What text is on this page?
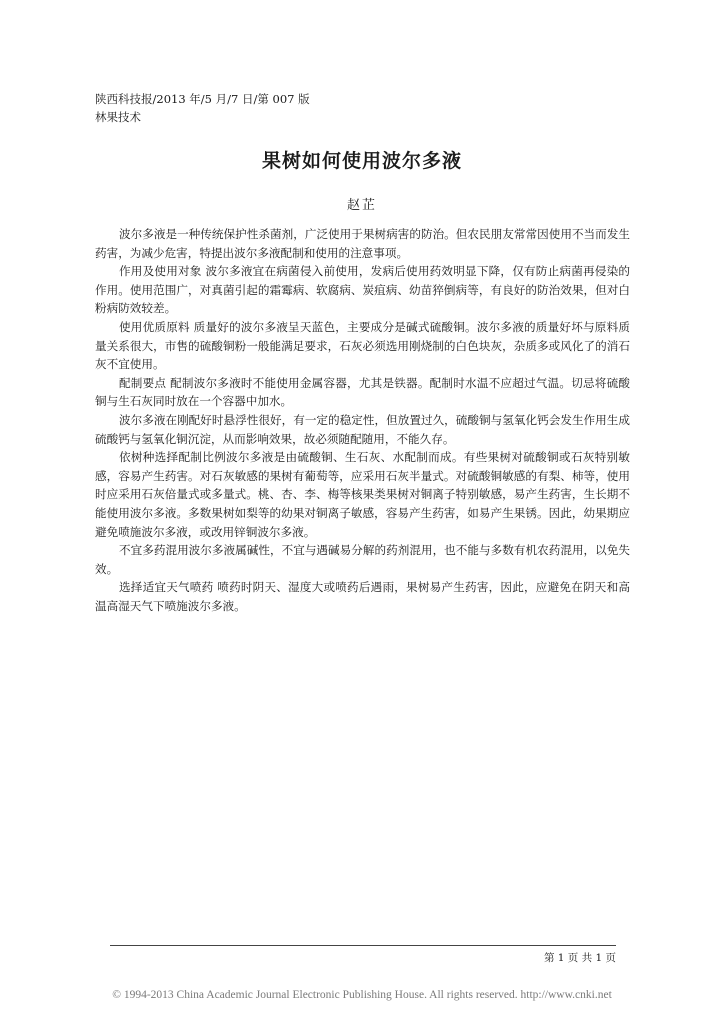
陕西科技报/2013 年/5 月/7 日/第 007 版
林果技术
果树如何使用波尔多液
赵芷

波尔多液是一种传统保护性杀菌剂，广泛使用于果树病害的防治。但农民朋友常常因使用不当而发生药害，为减少危害，特提出波尔多液配制和使用的注意事项。

作用及使用对象 波尔多液宜在病菌侵入前使用，发病后使用药效明显下降，仅有防止病菌再侵染的作用。使用范围广，对真菌引起的霜霉病、软腐病、炭疽病、幼苗猝倒病等，有良好的防治效果，但对白粉病防效较差。

使用优质原料 质量好的波尔多液呈天蓝色，主要成分是碱式硫酸铜。波尔多液的质量好坏与原料质量关系很大，市售的硫酸铜粉一般能满足要求，石灰必须选用刚烧制的白色块灰，杂质多或风化了的消石灰不宜使用。

配制要点 配制波尔多液时不能使用金属容器，尤其是铁器。配制时水温不应超过气温。切忌将硫酸铜与生石灰同时放在一个容器中加水。

波尔多液在刚配好时悬浮性很好，有一定的稳定性，但放置过久，硫酸铜与氢氧化钙会发生作用生成硫酸钙与氢氧化铜沉淀，从而影响效果，故必须随配随用，不能久存。

依树种选择配制比例波尔多液是由硫酸铜、生石灰、水配制而成。有些果树对硫酸铜或石灰特别敏感，容易产生药害。对石灰敏感的果树有葡萄等，应采用石灰半量式。对硫酸铜敏感的有梨、柿等，使用时应采用石灰倍量式或多量式。桃、杏、李、梅等核果类果树对铜离子特别敏感，易产生药害，生长期不能使用波尔多液。多数果树如梨等的幼果对铜离子敏感，容易产生药害，如易产生果锈。因此，幼果期应避免喷施波尔多液，或改用锌铜波尔多液。

不宜多药混用波尔多液属碱性，不宜与遇碱易分解的药剂混用，也不能与多数有机农药混用，以免失效。

选择适宜天气喷药 喷药时阴天、湿度大或喷药后遇雨，果树易产生药害，因此，应避免在阴天和高温高湿天气下喷施波尔多液。

第 1 页 共 1 页
© 1994-2013 China Academic Journal Electronic Publishing House. All rights reserved. http://www.cnki.net
